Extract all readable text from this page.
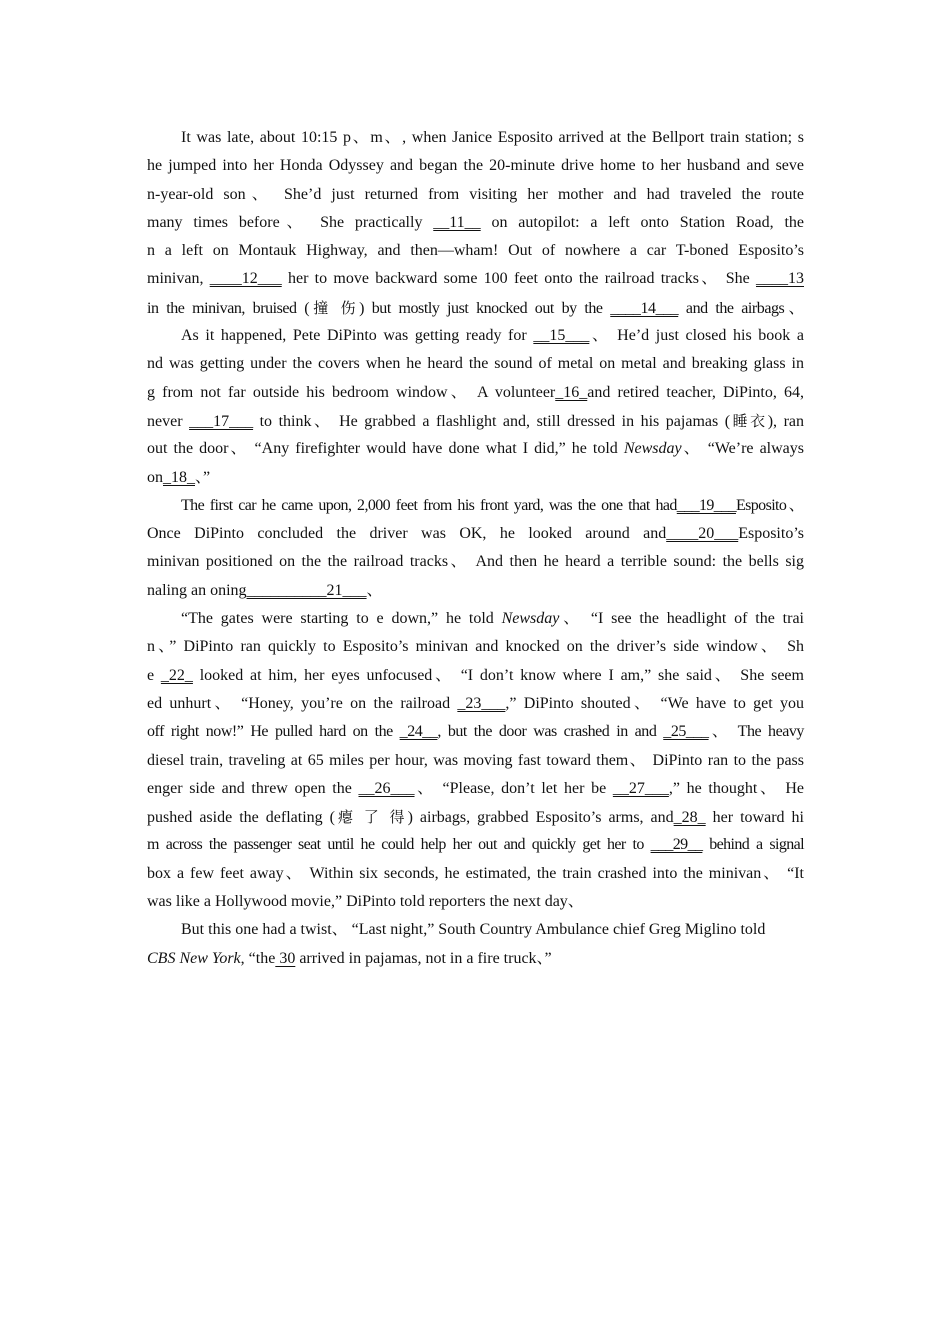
It was late, about 10:15 p、m、, when Janice Esposito arrived at the Bellport train station; s
he jumped into her Honda Odyssey and began the 20-minute drive home to her husband and seve
n-year-old son、 She’d just returned from visiting her mother and had traveled the route
many times before、 She practically __11__ on autopilot: a left onto Station Road, the
n a left on Montauk Highway, and then—wham! Out of nowhere a car T-boned Esposito’s
minivan, ____12___ her to move backward some 100 feet onto the railroad tracks、 She ____13
in the minivan, bruised (撞 伤) but mostly just knocked out by the ____14___ and the airbags、
As it happened, Pete DiPinto was getting ready for __15___、 He’d just closed his book a
nd was getting under the covers when he heard the sound of metal on metal and breaking glass in
g from not far outside his bedroom window、 A volunteer_16_and retired teacher, DiPinto, 64,
never ___17___ to think、 He grabbed a flashlight and, still dressed in his pajamas (睡衣), ran
out the door、 “Any firefighter would have done what I did,” he told Newsday、 “We’re always
on_18_、”
The first car he came upon, 2,000 feet from his front yard, was the one that had___19___Esposito、
Once DiPinto concluded the driver was OK, he looked around and____20___Esposito’s
minivan positioned on the the railroad tracks、 And then he heard a terrible sound: the bells sig
naling an oning__________21___、
“The gates were starting to e down,” he told Newsday、 “I see the headlight of the trai
n、” DiPinto ran quickly to Esposito’s minivan and knocked on the driver’s side window、 Sh
e _22_ looked at him, her eyes unfocused、 “I don’t know where I am,” she said、 She seem
ed unhurt、 “Honey, you’re on the railroad _23___,” DiPinto shouted、 “We have to get you
off right now!” He pulled hard on the _24__, but the door was crashed in and _25___、 The heavy
diesel train, traveling at 65 miles per hour, was moving fast toward them、 DiPinto ran to the pass
enger side and threw open the __26___、 “Please, don’t let her be __27___,” he thought、 He
pushed aside the deflating (瘪 了 得) airbags, grabbed Esposito’s arms, and_28_ her toward hi
m across the passenger seat until he could help her out and quickly get her to ___29__ behind a signal
box a few feet away、 Within six seconds, he estimated, the train crashed into the minivan、 “It
was like a Hollywood movie,” DiPinto told reporters the next day、
But this one had a twist、 “Last night,” South Country Ambulance chief Greg Miglino told
CBS New York, “the 30 arrived in pajamas, not in a fire truck、”
